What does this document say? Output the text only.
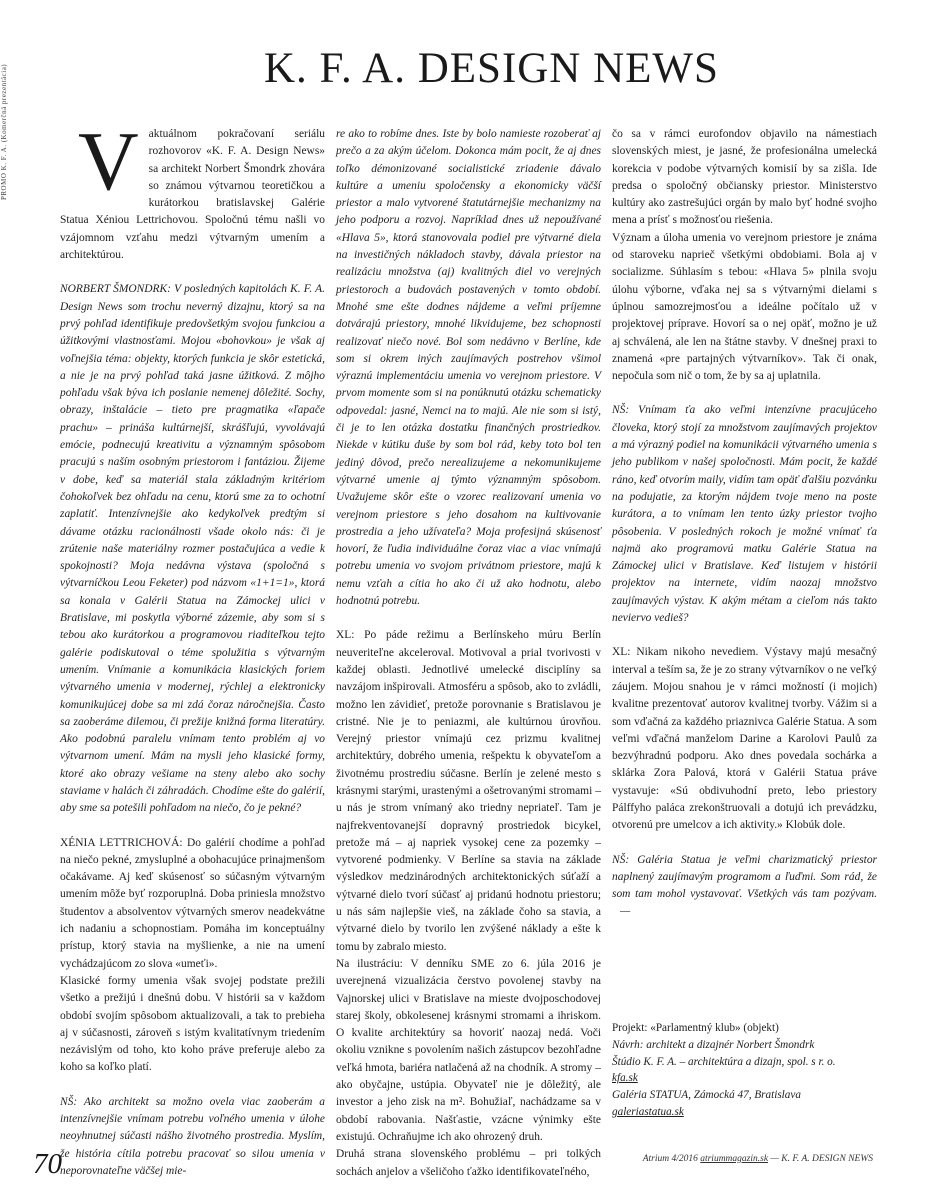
PROMO K. F. A. (Komerčná prezentácia)	K. F. A. DESIGN NEWS

Vaktuálnom pokračovaní seriálu rozhovorov «K. F. A. Design News» sa architekt Norbert Šmondrk zhovára so známou výtvarnou teoretičkou a kurátorkou bratislavskej Galérie Statua Xéniou Lettrichovou. Spoločnú tému našli vo vzájomnom vzťahu medzi výtvarným umením a architektúrou.

NORBERT ŠMONDRK: V posledných kapitolách K. F. A. Design News som trochu neverný dizajnu, ktorý sa na prvý pohľad identifikuje predovšetkým svojou funkciou a úžitkovými vlastnosťami. Mojou «bohovkou» je však aj voľnejšia téma: objekty, ktorých funkcia je skôr estetická, a nie je na prvý pohľad taká jasne úžitková. Z môjho pohľadu však býva ich poslanie nemenej dôležité. Sochy, obrazy, inštalácie – tieto pre pragmatika «ľapače prachu» – prináša kultúrnejší, skrášľujú, vyvolávajú emócie, podnecujú kreativitu a významným spôsobom pracujú s naším osobným priestorom i fantáziou. Žijeme v dobe, keď sa materiál stala základným kritériom čohokoľvek bez ohľadu na cenu, ktorú sme za to ochotní zaplatiť. Intenzívnejšie ako kedykoľvek predtým si dávame otázku racionálnosti všade okolo nás: či je zrútenie naše materiálny rozmer postačujúca a vedie k spokojnosti? Moja nedávna výstava (spoločná s výtvarníčkou Leou Feketer) pod názvom «1+1=1», ktorá sa konala v Galérii Statua na Zámockej ulici v Bratislave, mi poskytla výborné zázemie, aby som si s tebou ako kurátorkou a programovou riaditeľkou tejto galérie podiskutoval o téme spolužitia s výtvarným umením. Vnímanie a komunikácia klasických foriem výtvarného umenia v modernej, rýchlej a elektronicky komunikujúcej dobe sa mi zdá čoraz náročnejšia. Často sa zaoberáme dilemou, či prežije knižná forma literatúry. Ako podobnú paralelu vnímam tento problém aj vo výtvarnom umení. Mám na mysli jeho klasické formy, ktoré ako obrazy vešiame na steny alebo ako sochy staviame v halách či záhradách. Chodíme ešte do galérií, aby sme sa potešili pohľadom na niečo, čo je pekné?

XÉNIA LETTRICHOVÁ: Do galérií chodíme a pohľad na niečo pekné, zmysluplné a obohacujúce prinajmenšom očakávame. Aj keď skúsenosť so súčasným výtvarným umením môže byť rozporuplná. Doba priniesla množstvo študentov a absolventov výtvarných smerov neadekvátne ich nadaniu a schopnostiam. Pomáha im konceptuálny prístup, ktorý stavia na myšlienke, a nie na umení vychádzajúcom zo slova «umeťi».

Klasické formy umenia však svojej podstate prežili všetko a prežijú i dnešnú dobu. V histórii sa v každom období svojím spôsobom aktualizovali, a tak to prebieha aj v súčasnosti, zároveň s istým kvalitatívnym triedením nezávislým od toho, kto koho práve preferuje alebo za koho sa koľko platí.

NŠ: Ako architekt sa možno ovela viac zaoberám a intenzívnejšie vnímam potrebu voľného umenia v úlohe neoyhnutnej súčasti nášho životného prostredia. Myslím, že história cítila potrebu pracovať so silou umenia v neporovnateľne väčšej mie-

re ako to robíme dnes. Iste by bolo namieste rozoberať aj prečo a za akým účelom. Dokonca mám pocit, že aj dnes toľko démonizované socialistické zriadenie dávalo kultúre a umeniu spoločensky a ekonomicky väčší priestor a malo vytvorené štatutárnejšie mechanizmy na jeho podporu a rozvoj. Napríklad dnes už nepoužívané «Hlava 5», ktorá stanovovala podiel pre výtvarné diela na investičných nákladoch stavby, dávala priestor na realizáciu množstva (aj) kvalitných diel vo verejných priestoroch a budovách postavených v tomto období. Mnohé sme ešte dodnes nájdeme a veľmi príjemne dotvárajú priestory, mnohé likvidujeme, bez schopnosti realizovať niečo nové. Bol som nedávno v Berlíne, kde som si okrem iných zaujímavých postrehov všimol výraznú implementáciu umenia vo verejnom priestore. V prvom momente som si na ponúknutú otázku schematicky odpovedal: jasné, Nemci na to majú. Ale nie som si istý, či je to len otázka dostatku finančných prostriedkov. Niekde v kútiku duše by som bol rád, keby toto bol ten jediný dôvod, prečo nerealizujeme a nekomunikujeme výtvarné umenie aj týmto významným spôsobom. Uvažujeme skôr ešte o vzorec realizovaní umenia vo verejnom priestore s jeho dosahom na kultivovanie prostredia a jeho užívateľa? Moja profesijná skúsenosť hovorí, že ľudia individuálne čoraz viac a viac vnímajú potrebu umenia vo svojom privátnom priestore, majú k nemu vzťah a cítia ho ako či už ako hodnotu, alebo hodnotnú potrebu.

XL: Po páde režimu a Berlínskeho múru Berlín neuveriteľne akceleroval. Motivoval a prial tvorivosti v každej oblasti. Jednotlivé umelecké disciplíny sa navzájom inšpirovali. Atmosféru a spôsob, ako to zvládli, možno len závidieť, pretože porovnanie s Bratislavou je cristné. Nie je to peniazmi, ale kultúrnou úrovňou. Verejný priestor vnímajú cez prizmu kvalitnej architektúry, dobrého umenia, rešpektu k obyvateľom a životnému prostrediu súčasne. Berlín je zelené mesto s krásnymi starými, urastenými a ošetrovanými stromami – u nás je strom vnímaný ako triedny nepriateľ. Tam je najfrekventovanejší dopravný prostriedok bicykel, pretože má – aj napriek vysokej cene za pozemky – vytvorené podmienky. V Berlíne sa stavia na základe výsledkov medzinárodných architektonických súťaží a výtvarné dielo tvorí súčasť aj pridanú hodnotu priestoru; u nás sám najlepšie vieš, na základe čoho sa stavia, a výtvarné dielo by tvorilo len zvýšené náklady a ešte k tomu by zabralo miesto.

Na ilustráciu: V denníku SME zo 6. júla 2016 je uverejnená vizualizácia čerstvo povolenej stavby na Vajnorskej ulici v Bratislave na mieste dvojposchodovej starej školy, obkolesenej krásnymi stromami a ihriskom. O kvalite architektúry sa hovoriť naozaj nedá. Voči okoliu vznikne s povolením našich zástupcov bezohľadne veľká hmota, bariéra natlačená až na chodník. A stromy – ako obyčajne, ustúpia. Obyvateľ nie je dôležitý, ale investor a jeho zisk na m². Bohužiaľ, nachádzame sa v období rabovania. Našťastie, vzácne výnimky ešte existujú. Ochraňujme ich ako ohrozený druh.

Druhá strana slovenského problému – pri tolkých sochách anjelov a všeličoho ťažko identifikovateľného,

čo sa v rámci eurofondov objavilo na námestiach slovenských miest, je jasné, že profesionálna umelecká korekcia v podobe výtvarných komisií by sa zišla. Ide predsa o spoločný občiansky priestor. Ministerstvo kultúry ako zastrešujúci orgán by malo byť hodné svojho mena a prísť s možnosťou riešenia.

Význam a úloha umenia vo verejnom priestore je známa od staroveku naprieč všetkými obdobiami. Bola aj v socializme. Súhlasím s tebou: «Hlava 5» plnila svoju úlohu výborne, vďaka nej sa s výtvarnými dielami s úplnou samozrejmosťou a ideálne počítalo už v projektovej príprave. Hovorí sa o nej opäť, možno je už aj schválená, ale len na štátne stavby. V dnešnej praxi to znamená «pre partajných výtvarníkov». Tak či onak, nepočula som nič o tom, že by sa aj uplatnila.

NŠ: Vnímam ťa ako veľmi intenzívne pracujúceho človeka, ktorý stojí za množstvom zaujímavých projektov a má výrazný podiel na komunikácii výtvarného umenia s jeho publikom v našej spoločnosti. Mám pocit, že každé ráno, keď otvorím maily, vidím tam opäť ďalšiu pozvánku na podujatie, za ktorým nájdem tvoje meno na poste kurátora, a to vnímam len tento úzky priestor tvojho pôsobenia. V posledných rokoch je možné vnímať ťa najmä ako programovú matku Galérie Statua na Zámockej ulici v Bratislave. Keď listujem v histórii projektov na internete, vidím naozaj množstvo zaujímavých výstav. K akým métam a cieľom nás takto neviervo vedieš?

XL: Nikam nikoho nevediem. Výstavy majú mesačný interval a teším sa, že je zo strany výtvarníkov o ne veľký záujem. Mojou snahou je v rámci možností (i mojich) kvalitne prezentovať autorov kvalitnej tvorby. Vážim si a som vďačná za každého priaznivca Galérie Statua. A som veľmi vďačná manželom Darine a Karolovi Paulů za bezvýhradnú podporu. Ako dnes povedala sochárka a sklárka Zora Palová, ktorá v Galérii Statua práve vystavuje: «Sú obdivuhodní preto, lebo priestory Pálffyho paláca zrekonštruovali a dotujú ich prevádzku, otvorenú pre umelcov a ich aktivity.» Klobúk dole.

NŠ: Galéria Statua je veľmi charizmatický priestor naplnený zaujímavým programom a ľuďmi. Som rád, že som tam mohol vystavovať. Všetkých vás tam pozývam.—

Projekt: «Parlamentný klub» (objekt)
Návrh: architekt a dizajnér Norbert Šmondrk
Štúdio K. F. A. – architektúra a dizajn, spol. s r. o.
kfa.sk
Galéria STATUA, Zámocká 47, Bratislava
galeriastatua.sk
70	Atrium 4/2016 atriummagazin.sk — K. F. A. DESIGN NEWS
